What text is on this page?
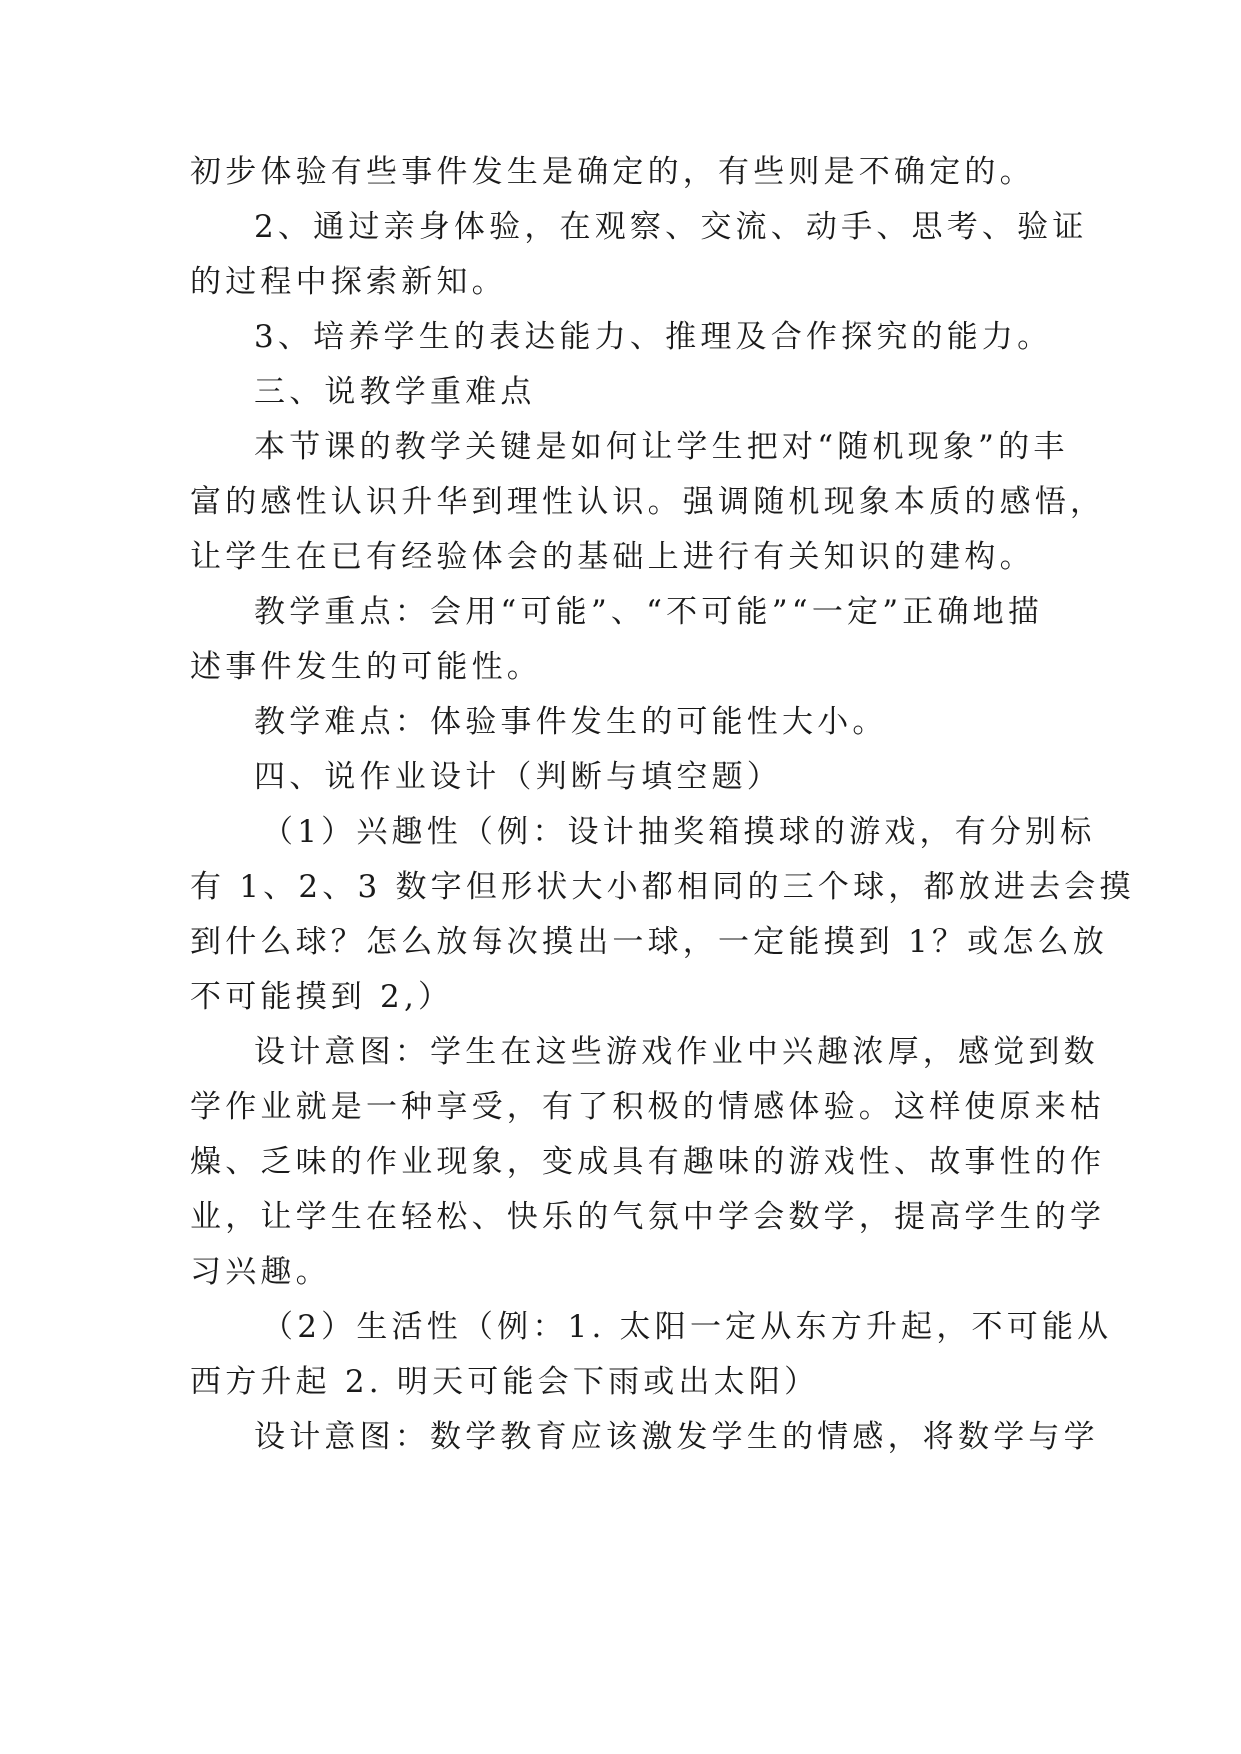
初步体验有些事件发生是确定的，有些则是不确定的。
2、通过亲身体验，在观察、交流、动手、思考、验证
的过程中探索新知。
3、培养学生的表达能力、推理及合作探究的能力。
三、说教学重难点
本节课的教学关键是如何让学生把对“随机现象”的丰
富的感性认识升华到理性认识。强调随机现象本质的感悟，
让学生在已有经验体会的基础上进行有关知识的建构。
教学重点：会用“可能”、“不可能”“一定”正确地描
述事件发生的可能性。
教学难点：体验事件发生的可能性大小。
四、说作业设计（判断与填空题）
（1）兴趣性（例：设计抽奖箱摸球的游戏，有分别标
有 1、2、3 数字但形状大小都相同的三个球，都放进去会摸
到什么球？怎么放每次摸出一球，一定能摸到 1？或怎么放
不可能摸到 2,）
设计意图：学生在这些游戏作业中兴趣浓厚，感觉到数
学作业就是一种享受，有了积极的情感体验。这样使原来枯
燥、乏味的作业现象，变成具有趣味的游戏性、故事性的作
业，让学生在轻松、快乐的气氛中学会数学，提高学生的学
习兴趣。
（2）生活性（例：1. 太阳一定从东方升起，不可能从
西方升起 2. 明天可能会下雨或出太阳）
设计意图：数学教育应该激发学生的情感，将数学与学
